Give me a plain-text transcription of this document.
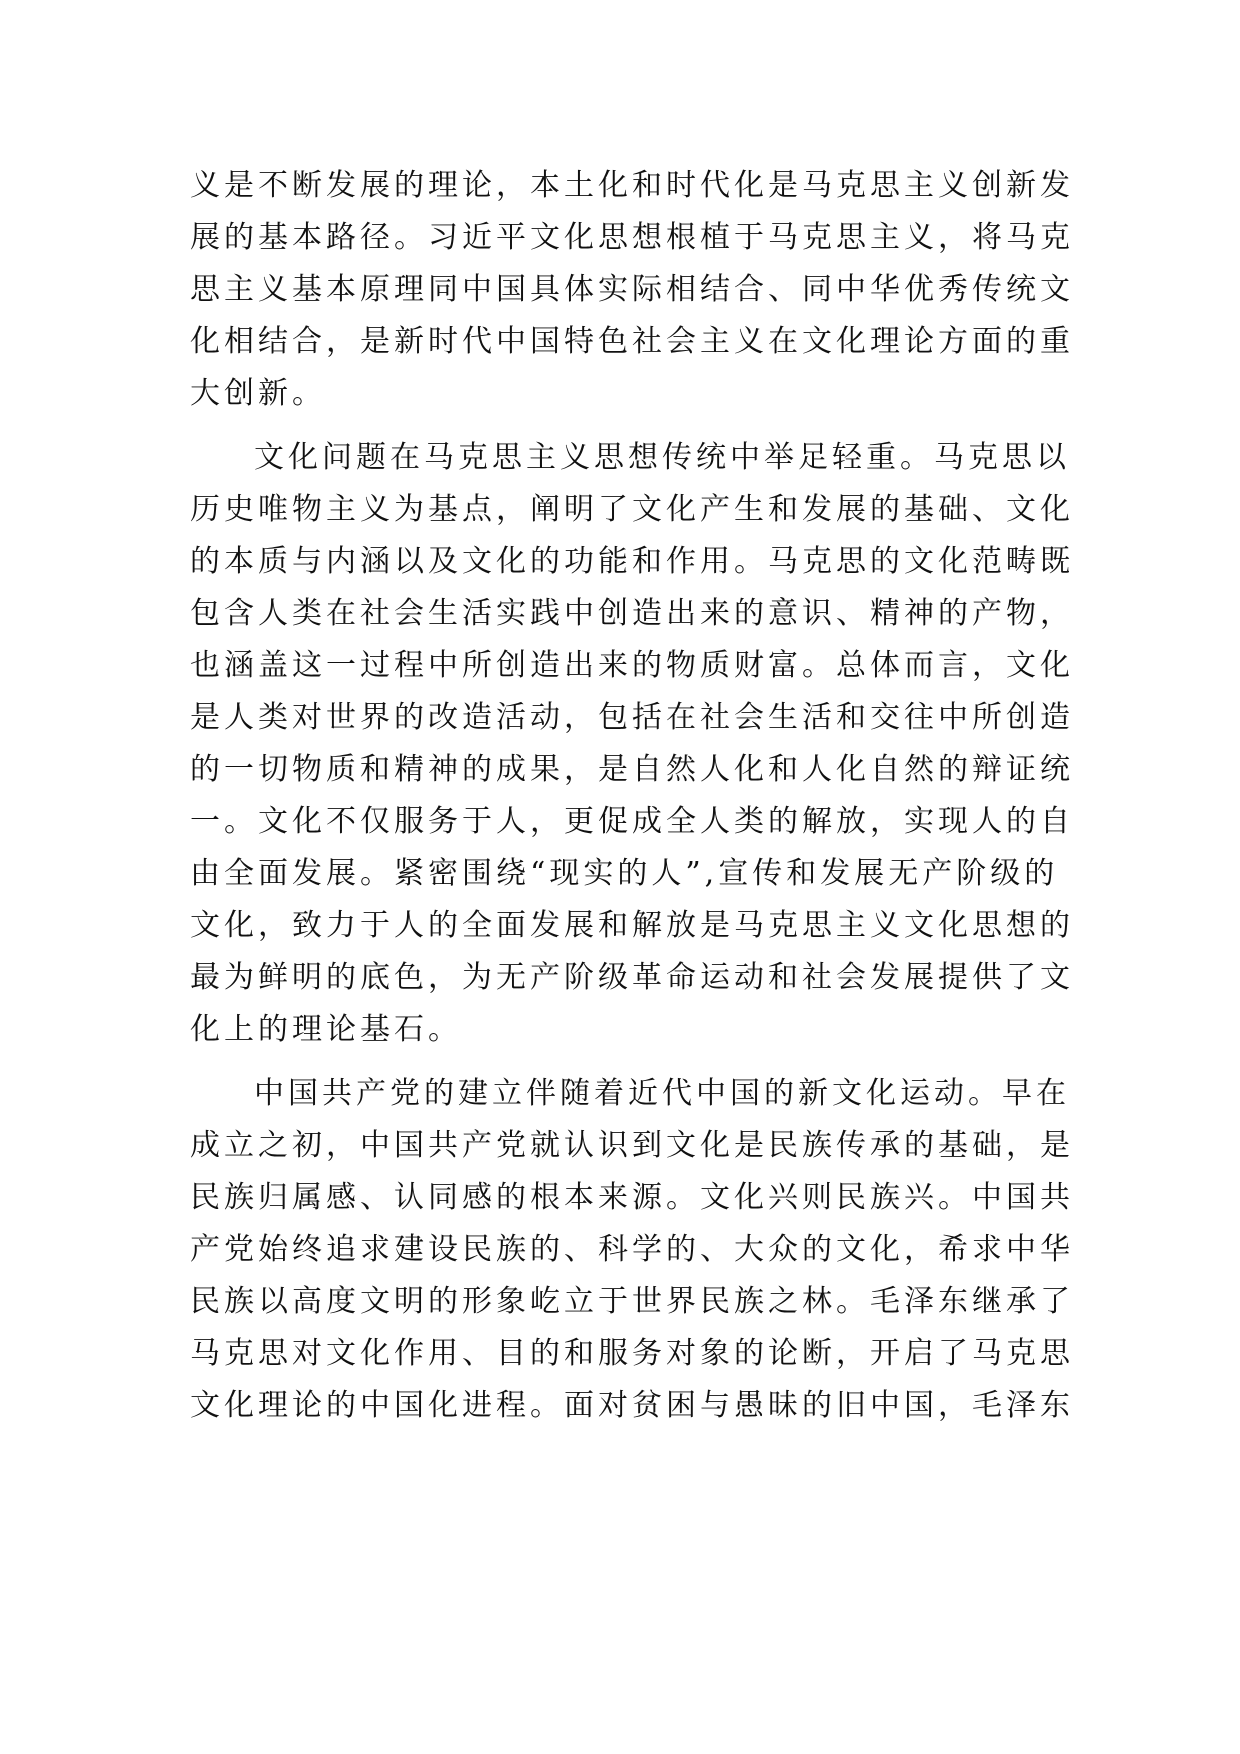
义是不断发展的理论，本土化和时代化是马克思主义创新发
展的基本路径。习近平文化思想根植于马克思主义，将马克
思主义基本原理同中国具体实际相结合、同中华优秀传统文
化相结合，是新时代中国特色社会主义在文化理论方面的重
大创新。
文化问题在马克思主义思想传统中举足轻重。马克思以
历史唯物主义为基点，阐明了文化产生和发展的基础、文化
的本质与内涵以及文化的功能和作用。马克思的文化范畴既
包含人类在社会生活实践中创造出来的意识、精神的产物，
也涵盖这一过程中所创造出来的物质财富。总体而言，文化
是人类对世界的改造活动，包括在社会生活和交往中所创造
的一切物质和精神的成果，是自然人化和人化自然的辩证统
一。文化不仅服务于人，更促成全人类的解放，实现人的自
由全面发展。紧密围绕“现实的人”,宣传和发展无产阶级的
文化，致力于人的全面发展和解放是马克思主义文化思想的
最为鲜明的底色，为无产阶级革命运动和社会发展提供了文
化上的理论基石。
中国共产党的建立伴随着近代中国的新文化运动。早在
成立之初，中国共产党就认识到文化是民族传承的基础，是
民族归属感、认同感的根本来源。文化兴则民族兴。中国共
产党始终追求建设民族的、科学的、大众的文化，希求中华
民族以高度文明的形象屹立于世界民族之林。毛泽东继承了
马克思对文化作用、目的和服务对象的论断，开启了马克思
文化理论的中国化进程。面对贫困与愚昧的旧中国，毛泽东
